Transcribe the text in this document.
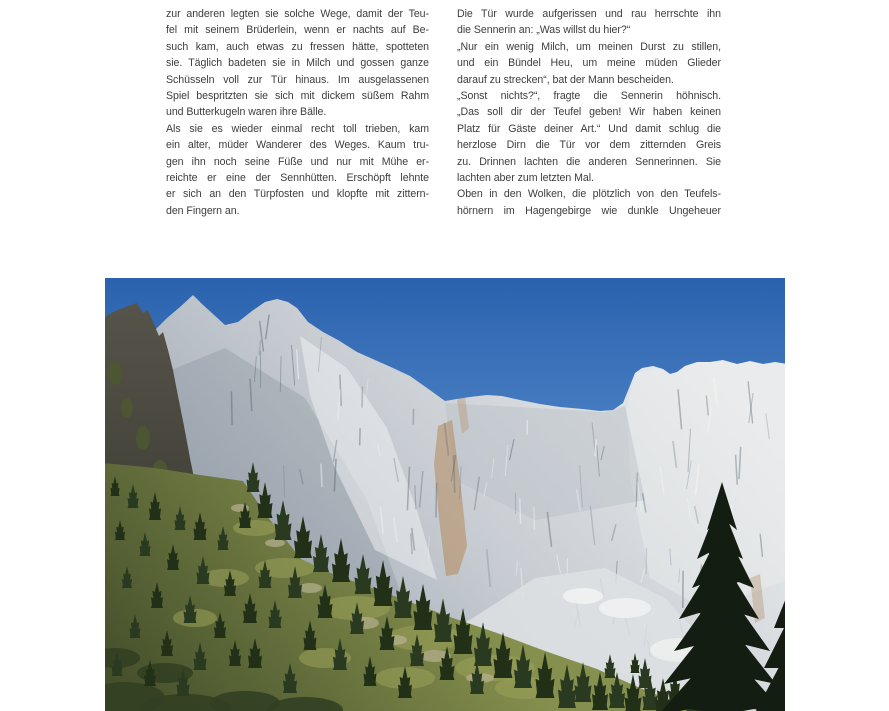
zur anderen legten sie solche Wege, damit der Teu-
fel mit seinem Brüderlein, wenn er nachts auf Be-
such kam, auch etwas zu fressen hätte, spotteten
sie. Täglich badeten sie in Milch und gossen ganze
Schüsseln voll zur Tür hinaus. Im ausgelassenen
Spiel bespritzten sie sich mit dickem süßem Rahm
und Butterkugeln waren ihre Bälle.
Als sie es wieder einmal recht toll trieben, kam
ein alter, müder Wanderer des Weges. Kaum tru-
gen ihn noch seine Füße und nur mit Mühe er-
reichte er eine der Sennhütten. Erschöpft lehnte
er sich an den Türpfosten und klopfte mit zittern-
den Fingern an.
Die Tür wurde aufgerissen und rau herrschte ihn
die Sennerin an: „Was willst du hier?“
„Nur ein wenig Milch, um meinen Durst zu stillen,
und ein Bündel Heu, um meine müden Glieder
darauf zu strecken“, bat der Mann bescheiden.
„Sonst nichts?“, fragte die Sennerin höhnisch.
„Das soll dir der Teufel geben! Wir haben keinen
Platz für Gäste deiner Art.“ Und damit schlug die
herzlose Dirn die Tür vor dem zitternden Greis
zu. Drinnen lachten die anderen Sennerinnen. Sie
lachten aber zum letzten Mal.
Oben in den Wolken, die plötzlich von den Teufels-
hörnern im Hagengebirge wie dunkle Ungeheuer
